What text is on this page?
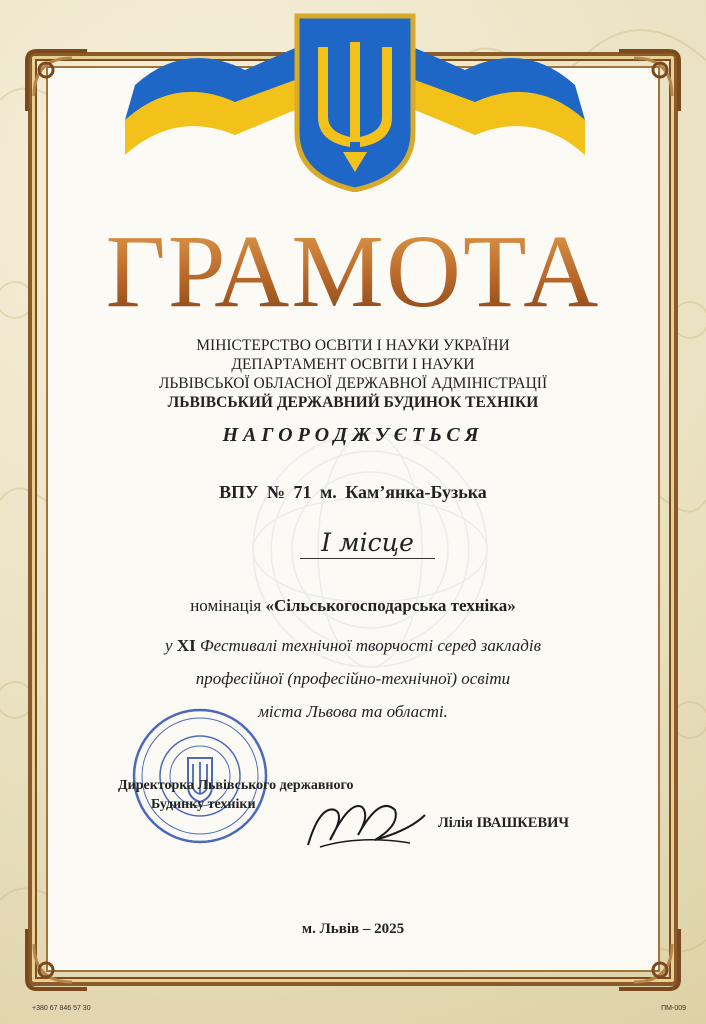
ГРАМОТА
МІНІСТЕРСТВО ОСВІТИ І НАУКИ УКРАЇНИ
ДЕПАРТАМЕНТ ОСВІТИ І НАУКИ
ЛЬВІВСЬКОЇ ОБЛАСНОЇ ДЕРЖАВНОЇ АДМІНІСТРАЦІЇ
ЛЬВІВСЬКИЙ ДЕРЖАВНИЙ БУДИНОК ТЕХНІКИ
НАГОРОДЖУЄТЬСЯ
ВПУ № 71 м. Кам’янка-Бузька
І місце
номінація «Сільськогосподарська техніка»
у XI Фестивалі технічної творчості серед закладів
професійної (професійно-технічної) освіти
міста Львова та області.
Директорка Львівського державного
Будинку техніки
Лілія ІВАШКЕВИЧ
м. Львів – 2025
+380 67 846 57 30	ПМ-009
